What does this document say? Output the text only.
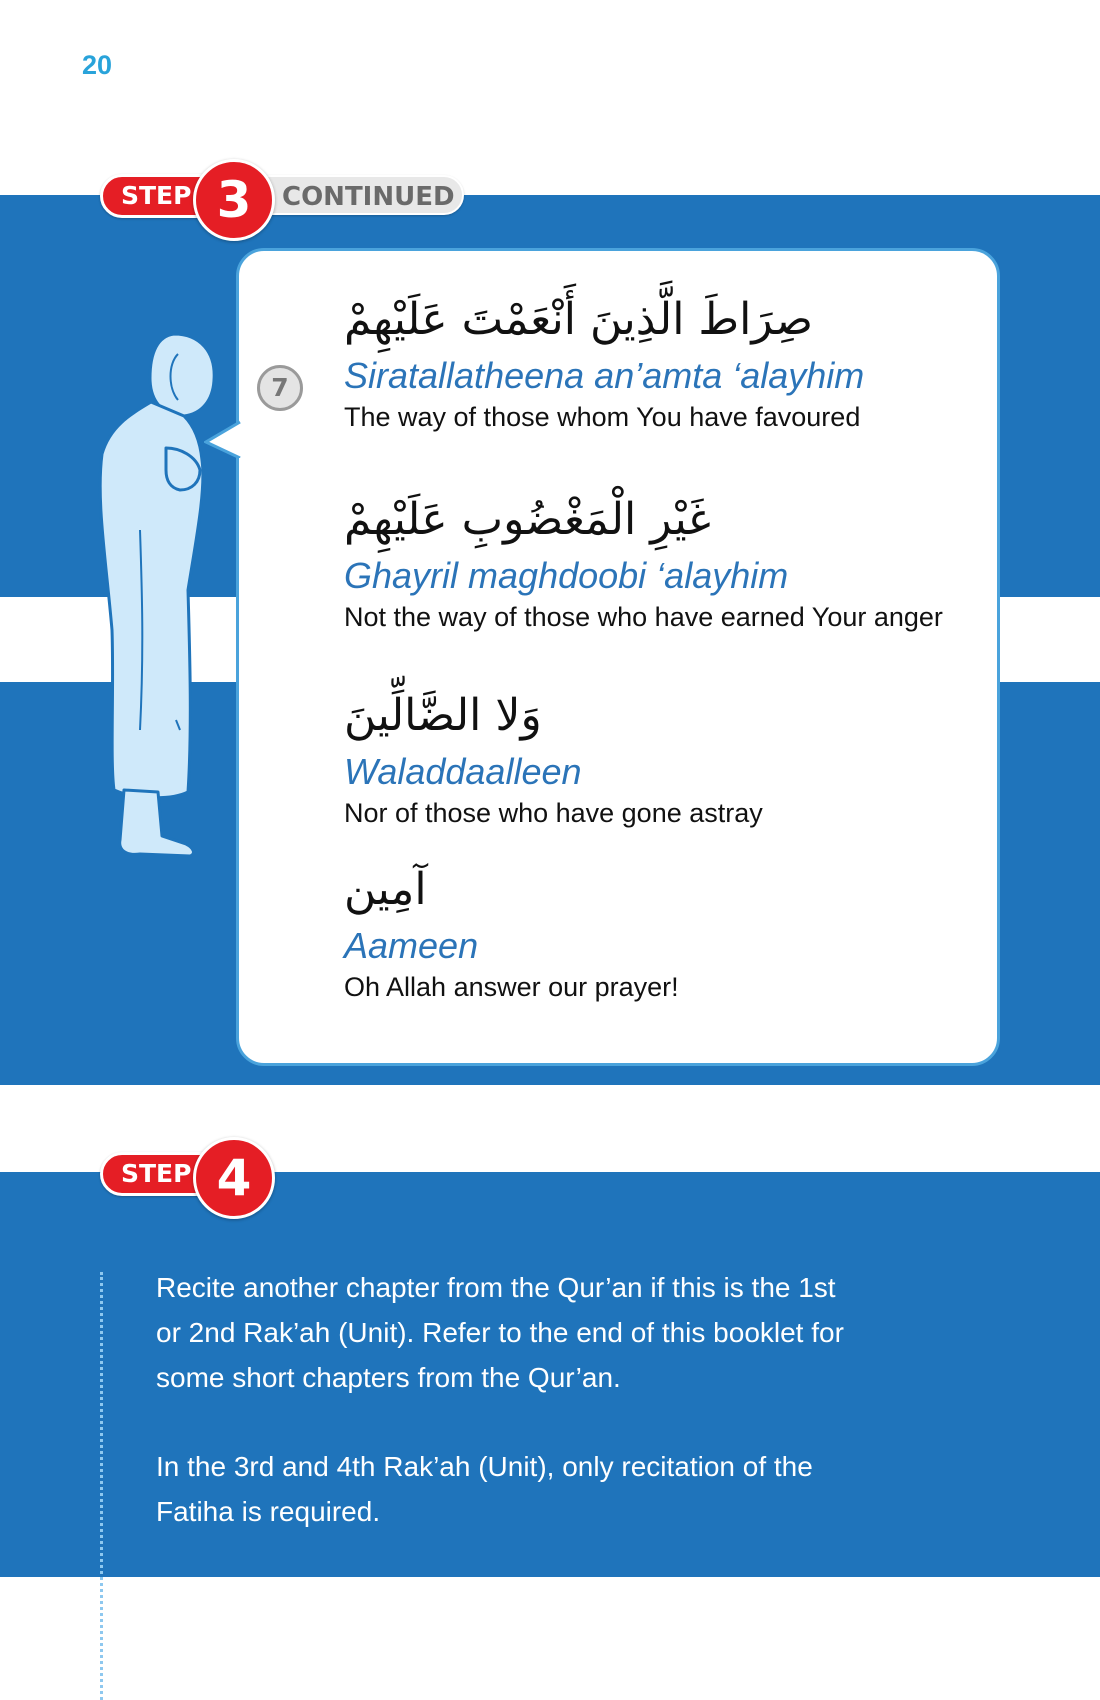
20
CONTINUED
STEP 3
7
صِرَاطَ الَّذِينَ أَنْعَمْتَ عَلَيْهِمْ
Siratallatheena an’amta ‘alayhim
The way of those whom You have favoured
غَيْرِ الْمَغْضُوبِ عَلَيْهِمْ
Ghayril maghdoobi ‘alayhim
Not the way of those who have earned Your anger
وَلا الضَّالِّينَ
Waladdaalleen
Nor of those who have gone astray
آمِين
Aameen
Oh Allah answer our prayer!
STEP 4

Recite another chapter from the Qur’an if this is the 1st or 2nd Rak’ah (Unit). Refer to the end of this booklet for some short chapters from the Qur’an.

In the 3rd and 4th Rak’ah (Unit), only recitation of the Fatiha is required.
